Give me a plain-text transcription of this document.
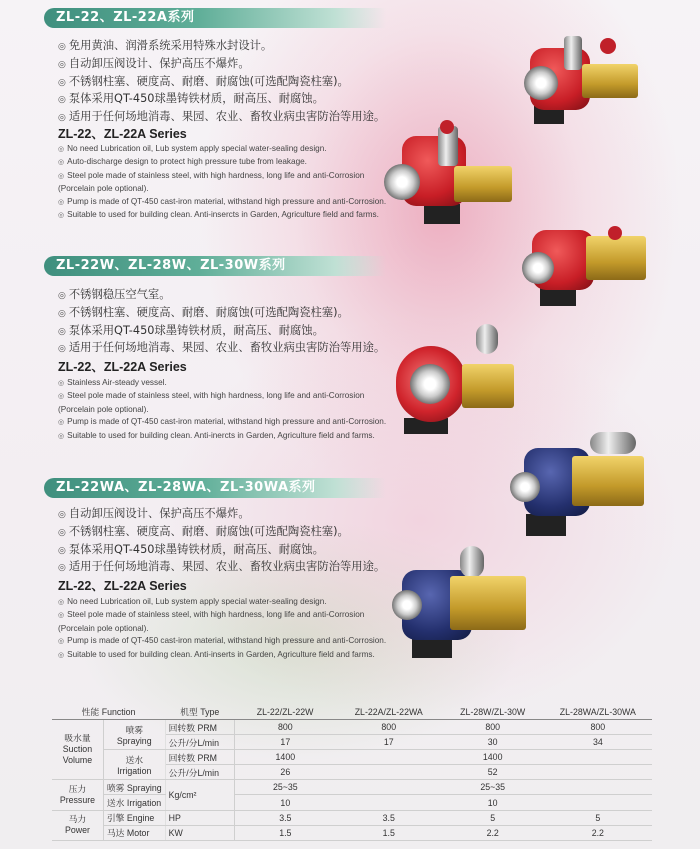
ZL-22、ZL-22A系列
◎ 免用黄油、润滑系统采用特殊水封设计。
◎ 自动卸压阀设计、保护高压不爆炸。
◎ 不锈钢柱塞、硬度高、耐磨、耐腐蚀(可选配陶瓷柱塞)。
◎ 泵体采用QT-450球墨铸铁材质，耐高压、耐腐蚀。
◎ 适用于任何场地消毒、果园、农业、畜牧业病虫害防治等用途。
ZL-22、ZL-22A Series
◎ No need Lubrication oil, Lub system apply special water-sealing design.
◎ Auto-discharge design to protect high pressure tube from leakage.
◎ Steel pole made of stainless steel, with high hardness, long life and anti-Corrosion (Porcelain pole optional).
◎ Pump is made of QT-450 cast-iron material, withstand high pressure and anti-Corrosion.
◎ Suitable to used for building clean. Anti-insercts in Garden, Agriculture field and farms.
ZL-22W、ZL-28W、ZL-30W系列
◎ 不锈钢稳压空气室。
◎ 不锈钢柱塞、硬度高、耐磨、耐腐蚀(可选配陶瓷柱塞)。
◎ 泵体采用QT-450球墨铸铁材质，耐高压、耐腐蚀。
◎ 适用于任何场地消毒、果园、农业、畜牧业病虫害防治等用途。
ZL-22、ZL-22A Series
◎ Stainless Air-steady vessel.
◎ Steel pole made of stainless steel, with high hardness, long life and anti-Corrosion (Porcelain pole optional).
◎ Pump is made of QT-450 cast-iron material, withstand high pressure and anti-Corrosion.
◎ Suitable to used for building clean. Anti-inercts in Garden, Agriculture field and farms.
ZL-22WA、ZL-28WA、ZL-30WA系列
◎ 自动卸压阀设计、保护高压不爆炸。
◎ 不锈钢柱塞、硬度高、耐磨、耐腐蚀(可选配陶瓷柱塞)。
◎ 泵体采用QT-450球墨铸铁材质，耐高压、耐腐蚀。
◎ 适用于任何场地消毒、果园、农业、畜牧业病虫害防治等用途。
ZL-22、ZL-22A Series
◎ No need Lubrication oil, Lub system apply special water-sealing design.
◎ Steel pole made of stainless steel, with high hardness, long life and anti-Corrosion (Porcelain pole optional).
◎ Pump is made of QT-450 cast-iron material, withstand high pressure and anti-Corrosion.
◎ Suitable to used for building clean. Anti-inserts in Garden, Agriculture field and farms.
性能 Function		机型 Type	ZL-22/ZL-22W	ZL-22A/ZL-22WA	ZL-28W/ZL-30W	ZL-28WA/ZL-30WA
吸水量
Suction
Volume	喷雾
Spraying	回转数 PRM	800	800	800	800
		公升/分L/min	17	17	30	34
	送水
Irrigation	回转数 PRM	1400		1400	
		公升/分L/min	26		52	
压力
Pressure	喷雾 Spraying	Kg/cm²	25~35		25~35	
	送水 Irrigation		10		10	
马力
Power	引擎 Engine	HP	3.5	3.5	5	5
	马达 Motor	KW	1.5	1.5	2.2	2.2
